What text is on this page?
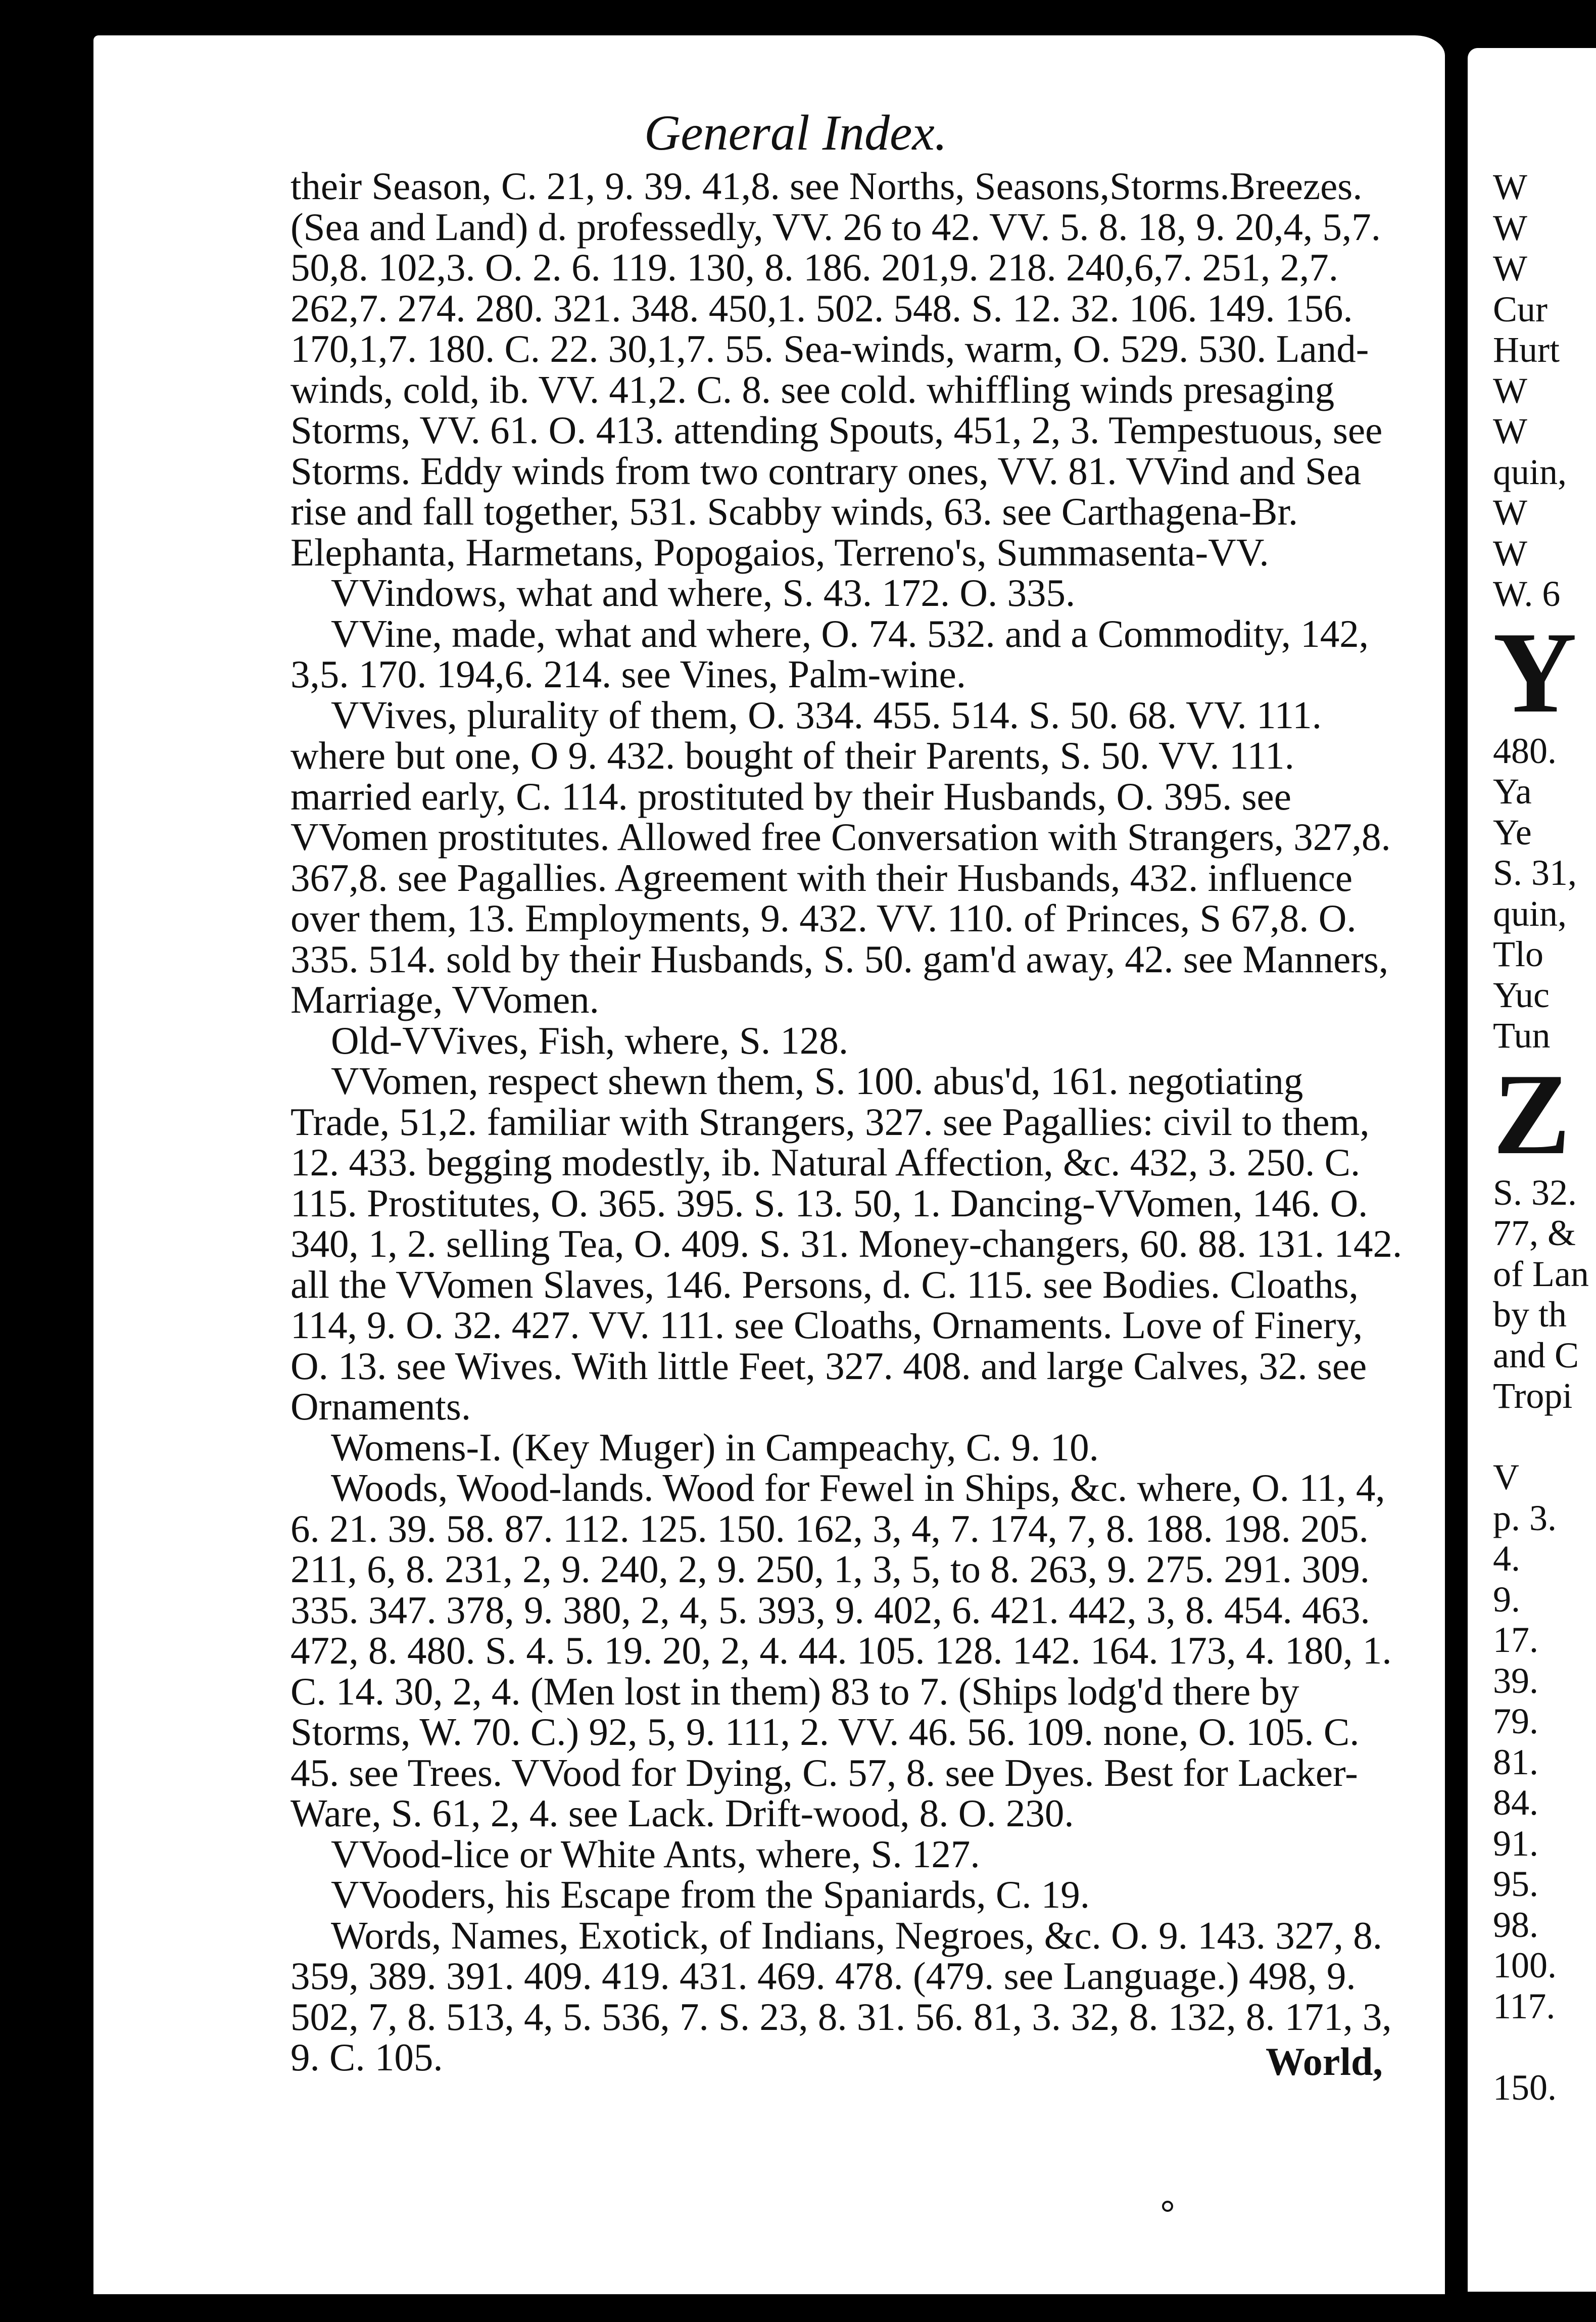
General Index.

their Season, C. 21, 9. 39. 41,8. see Norths, Seasons,Storms.Breezes. (Sea and Land) d. professedly, VV. 26 to 42. VV. 5. 8. 18, 9. 20,4, 5,7. 50,8. 102,3. O. 2. 6. 119. 130, 8. 186. 201,9. 218. 240,6,7. 251, 2,7. 262,7. 274. 280. 321. 348. 450,1. 502. 548. S. 12. 32. 106. 149. 156. 170,1,7. 180. C. 22. 30,1,7. 55. Sea-winds, warm, O. 529. 530. Land-winds, cold, ib. VV. 41,2. C. 8. see cold. whiffling winds presaging Storms, VV. 61. O. 413. attending Spouts, 451, 2, 3. Tempestuous, see Storms. Eddy winds from two contrary ones, VV. 81. VVind and Sea rise and fall together, 531. Scabby winds, 63. see Carthagena-Br. Elephanta, Harmetans, Popogaios, Terreno's, Summasenta-VV.

VVindows, what and where, S. 43. 172. O. 335.

VVine, made, what and where, O. 74. 532. and a Commodity, 142, 3,5. 170. 194,6. 214. see Vines, Palm-wine.

VVives, plurality of them, O. 334. 455. 514. S. 50. 68. VV. 111. where but one, O 9. 432. bought of their Parents, S. 50. VV. 111. married early, C. 114. prostituted by their Husbands, O. 395. see VVomen prostitutes. Allowed free Conversation with Strangers, 327,8. 367,8. see Pagallies. Agreement with their Husbands, 432. influence over them, 13. Employments, 9. 432. VV. 110. of Princes, S 67,8. O. 335. 514. sold by their Husbands, S. 50. gam'd away, 42. see Manners, Marriage, VVomen.

Old-VVives, Fish, where, S. 128.

VVomen, respect shewn them, S. 100. abus'd, 161. negotiating Trade, 51,2. familiar with Strangers, 327. see Pagallies: civil to them, 12. 433. begging modestly, ib. Natural Affection, &c. 432, 3. 250. C. 115. Prostitutes, O. 365. 395. S. 13. 50, 1. Dancing-VVomen, 146. O. 340, 1, 2. selling Tea, O. 409. S. 31. Money-changers, 60. 88. 131. 142. all the VVomen Slaves, 146. Persons, d. C. 115. see Bodies. Cloaths, 114, 9. O. 32. 427. VV. 111. see Cloaths, Ornaments. Love of Finery, O. 13. see Wives. With little Feet, 327. 408. and large Calves, 32. see Ornaments.

Womens-I. (Key Muger) in Campeachy, C. 9. 10.

Woods, Wood-lands. Wood for Fewel in Ships, &c. where, O. 11, 4, 6. 21. 39. 58. 87. 112. 125. 150. 162, 3, 4, 7. 174, 7, 8. 188. 198. 205. 211, 6, 8. 231, 2, 9. 240, 2, 9. 250, 1, 3, 5, to 8. 263, 9. 275. 291. 309. 335. 347. 378, 9. 380, 2, 4, 5. 393, 9. 402, 6. 421. 442, 3, 8. 454. 463. 472, 8. 480. S. 4. 5. 19. 20, 2, 4. 44. 105. 128. 142. 164. 173, 4. 180, 1. C. 14. 30, 2, 4. (Men lost in them) 83 to 7. (Ships lodg'd there by Storms, W. 70. C.) 92, 5, 9. 111, 2. VV. 46. 56. 109. none, O. 105. C. 45. see Trees. VVood for Dying, C. 57, 8. see Dyes. Best for Lacker-Ware, S. 61, 2, 4. see Lack. Drift-wood, 8. O. 230.

VVood-lice or White Ants, where, S. 127.

VVooders, his Escape from the Spaniards, C. 19.

Words, Names, Exotick, of Indians, Negroes, &c. O. 9. 143. 327, 8. 359, 389. 391. 409. 419. 431. 469. 478. (479. see Language.) 498, 9. 502, 7, 8. 513, 4, 5. 536, 7. S. 23, 8. 31. 56. 81, 3. 32, 8. 132, 8. 171, 3, 9. C. 105.	World,
W
W
W
Cur
Hurt
W
W
quin,
W
W
W. 6
Y
480.
Ya
Ye
S. 31,
quin,
Tlo
Yuc
Tun
Z
S. 32.
77, &
of Lan
by th
and C
Tropi
V
p. 3.
4.
9.
17.
39.
79.
81.
84.
91.
95.
98.
100.
117.
150.
